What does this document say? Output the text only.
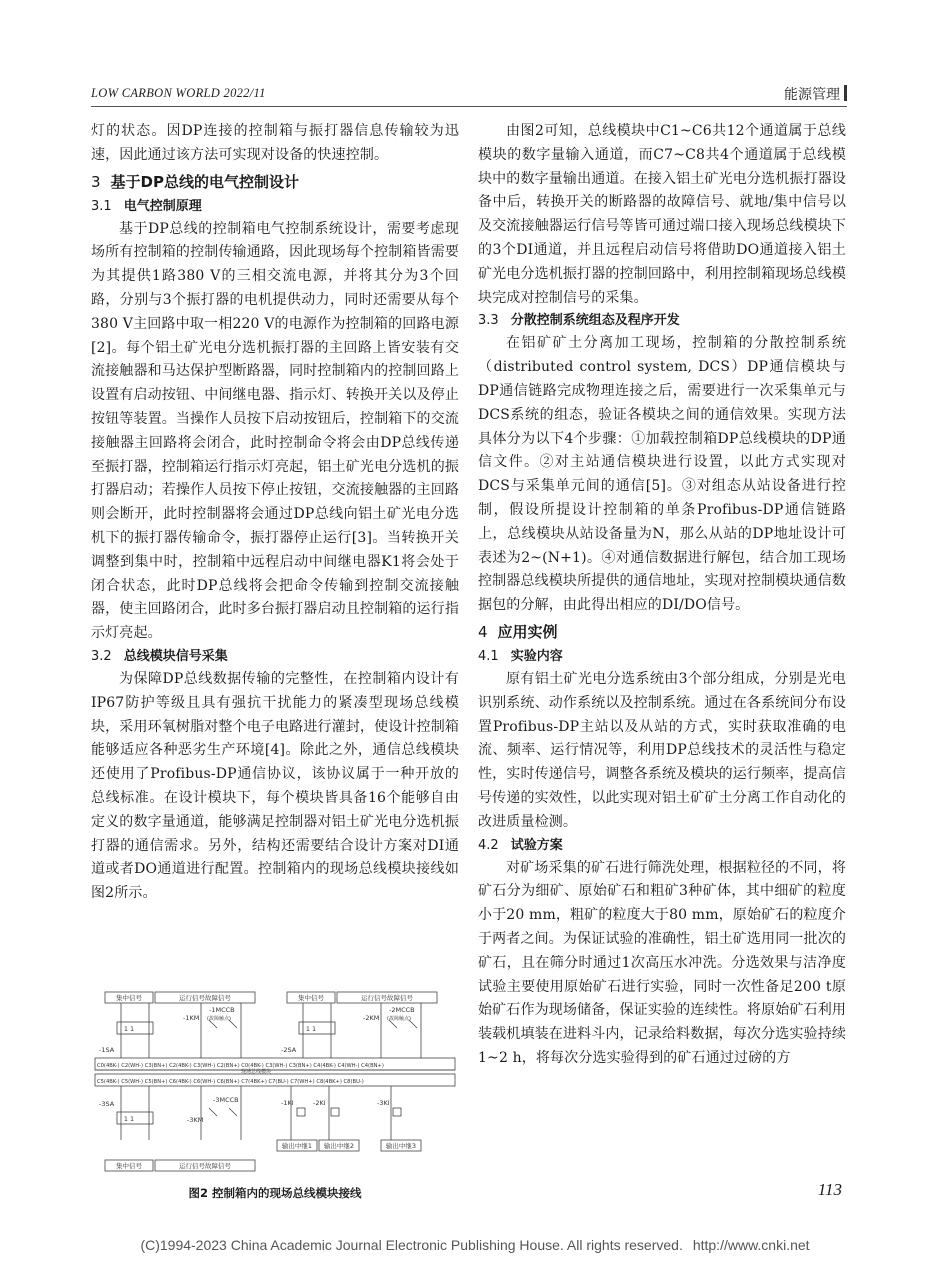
LOW CARBON WORLD 2022/11	能源管理

灯的状态。因DP连接的控制箱与振打器信息传输较为迅速，因此通过该方法可实现对设备的快速控制。

3 基于DP总线的电气控制设计
3.1 电气控制原理

基于DP总线的控制箱电气控制系统设计，需要考虑现场所有控制箱的控制传输通路，因此现场每个控制箱皆需要为其提供1路380 V的三相交流电源，并将其分为3个回路，分别与3个振打器的电机提供动力，同时还需要从每个380 V主回路中取一相220 V的电源作为控制箱的回路电源[2]。每个铝土矿光电分选机振打器的主回路上皆安装有交流接触器和马达保护型断路器，同时控制箱内的控制回路上设置有启动按钮、中间继电器、指示灯、转换开关以及停止按钮等装置。当操作人员按下启动按钮后，控制箱下的交流接触器主回路将会闭合，此时控制命令将会由DP总线传递至振打器，控制箱运行指示灯亮起，铝土矿光电分选机的振打器启动；若操作人员按下停止按钮，交流接触器的主回路则会断开，此时控制器将会通过DP总线向铝土矿光电分选机下的振打器传输命令，振打器停止运行[3]。当转换开关调整到集中时，控制箱中远程启动中间继电器K1将会处于闭合状态，此时DP总线将会把命令传输到控制交流接触器，使主回路闭合，此时多台振打器启动且控制箱的运行指示灯亮起。

3.2 总线模块信号采集

为保障DP总线数据传输的完整性，在控制箱内设计有IP67防护等级且具有强抗干扰能力的紧凑型现场总线模块，采用环氧树脂对整个电子电路进行灌封，使设计控制箱能够适应各种恶劣生产环境[4]。除此之外，通信总线模块还使用了Profibus-DP通信协议，该协议属于一种开放的总线标准。在设计模块下，每个模块皆具备16个能够自由定义的数字量通道，能够满足控制器对铝土矿光电分选机振打器的通信需求。另外，结构还需要结合设计方案对DI通道或者DO通道进行配置。控制箱内的现场总线模块接线如图2所示。

集中信号	运行信号故障信号	集中信号	运行信号故障信号
-1MCCB	-2MCCB
-1KM	-2KM
(故障触点)	(故障触点)
-1SA	-2SA
-3SA
1 1	1 1
1 1
C0(4BK-) C2(WH-) C3(BN+) C2(4BK-) C3(WH-) C2(BN+) C0(4BK-) C3(WH-) C3(BN+) C4(4BK-) C4(WH-) C4(BN+)
现场总线模块
C5(4BK-) C5(WH-) C5(BN+) C6(4BK-) C6(WH-) C6(BN+) C7(4BK+) C7(BU-) C7(WH+) C8(4BK+) C8(BU-)
-3KM
-3MCCB	-1KI	-2KI	-3KI
输出中继1 输出中继2	输出中继3
集中信号	运行信号故障信号
图2 控制箱内的现场总线模块接线

由图2可知，总线模块中C1~C6共12个通道属于总线模块的数字量输入通道，而C7~C8共4个通道属于总线模块中的数字量输出通道。在接入铝土矿光电分选机振打器设备中后，转换开关的断路器的故障信号、就地/集中信号以及交流接触器运行信号等皆可通过端口接入现场总线模块下的3个DI通道，并且远程启动信号将借助DO通道接入铝土矿光电分选机振打器的控制回路中，利用控制箱现场总线模块完成对控制信号的采集。

3.3 分散控制系统组态及程序开发

在铝矿矿土分离加工现场，控制箱的分散控制系统（distributed control system, DCS）DP通信模块与DP通信链路完成物理连接之后，需要进行一次采集单元与DCS系统的组态，验证各模块之间的通信效果。实现方法具体分为以下4个步骤：①加载控制箱DP总线模块的DP通信文件。②对主站通信模块进行设置，以此方式实现对DCS与采集单元间的通信[5]。③对组态从站设备进行控制，假设所提设计控制箱的单条Profibus-DP通信链路上，总线模块从站设备量为N，那么从站的DP地址设计可表述为2~(N+1)。④对通信数据进行解包，结合加工现场控制器总线模块所提供的通信地址，实现对控制模块通信数据包的分解，由此得出相应的DI/DO信号。

4 应用实例
4.1 实验内容

原有铝土矿光电分选系统由3个部分组成，分别是光电识别系统、动作系统以及控制系统。通过在各系统间分布设置Profibus-DP主站以及从站的方式，实时获取准确的电流、频率、运行情况等，利用DP总线技术的灵活性与稳定性，实时传递信号，调整各系统及模块的运行频率，提高信号传递的实效性，以此实现对铝土矿矿土分离工作自动化的改进质量检测。

4.2 试验方案

对矿场采集的矿石进行筛洗处理，根据粒径的不同，将矿石分为细矿、原始矿石和粗矿3种矿体，其中细矿的粒度小于20 mm，粗矿的粒度大于80 mm，原始矿石的粒度介于两者之间。为保证试验的准确性，铝土矿选用同一批次的矿石，且在筛分时通过1次高压水冲洗。分选效果与洁净度试验主要使用原始矿石进行实验，同时一次性备足200 t原始矿石作为现场储备，保证实验的连续性。将原始矿石利用装载机填装在进料斗内，记录给料数据，每次分选实验持续1~2 h，将每次分选实验得到的矿石通过过磅的方

113
(C)1994-2023 China Academic Journal Electronic Publishing House. All rights reserved. http://www.cnki.net
